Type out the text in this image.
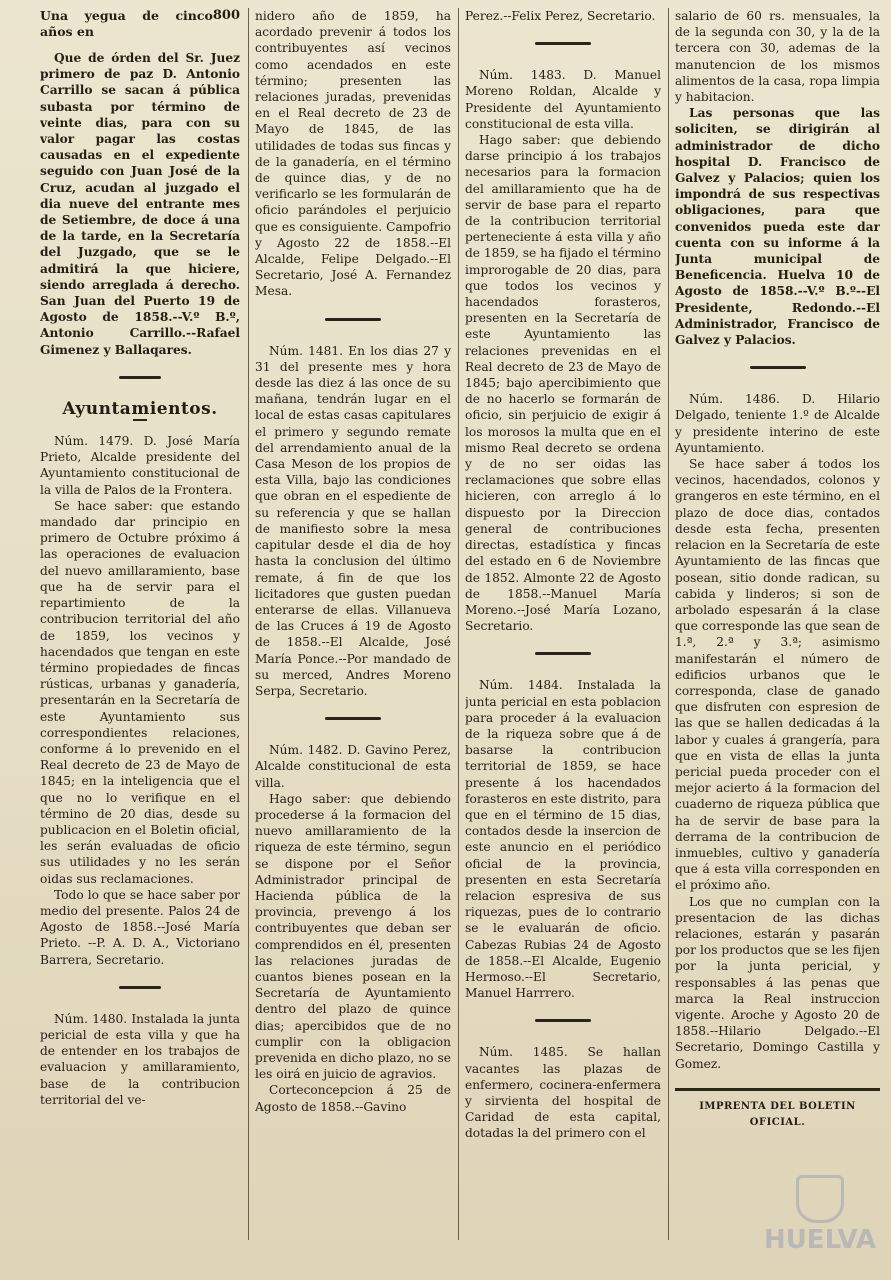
800
Una yegua de cinco años en

Que de órden del Sr. Juez primero de paz D. Antonio Carrillo se sacan á pública subasta por término de veinte dias, para con su valor pagar las costas causadas en el expediente seguido con Juan José de la Cruz, acudan al juzgado el dia nueve del entrante mes de Setiembre, de doce á una de la tarde, en la Secretaría del Juzgado, que se le admitirá la que hiciere, siendo arreglada á derecho. San Juan del Puerto 19 de Agosto de 1858.--V.º B.º, Antonio Carrillo.--Rafael Gimenez y Ballaqares.

Ayuntamientos.

Núm. 1479. D. José María Prieto, Alcalde presidente del Ayuntamiento constitucional de la villa de Palos de la Frontera.

Se hace saber: que estando mandado dar principio en primero de Octubre próximo á las operaciones de evaluacion del nuevo amillaramiento, base que ha de servir para el repartimiento de la contribucion territorial del año de 1859, los vecinos y hacendados que tengan en este término propiedades de fincas rústicas, urbanas y ganadería, presentarán en la Secretaría de este Ayuntamiento sus correspondientes relaciones, conforme á lo prevenido en el Real decreto de 23 de Mayo de 1845; en la inteligencia que el que no lo verifique en el término de 20 dias, desde su publicacion en el Boletin oficial, les serán evaluadas de oficio sus utilidades y no les serán oidas sus reclamaciones.

Todo lo que se hace saber por medio del presente. Palos 24 de Agosto de 1858.--José María Prieto. --P. A. D. A., Victoriano Barrera, Secretario.

Núm. 1480. Instalada la junta pericial de esta villa y que ha de entender en los trabajos de evaluacion y amillaramiento, base de la contribucion territorial del ve-

nidero año de 1859, ha acordado prevenir á todos los contribuyentes así vecinos como acendados en este término; presenten las relaciones juradas, prevenidas en el Real decreto de 23 de Mayo de 1845, de las utilidades de todas sus fincas y de la ganadería, en el término de quince dias, y de no verificarlo se les formularán de oficio parándoles el perjuicio que es consiguiente. Campofrio y Agosto 22 de 1858.--El Alcalde, Felipe Delgado.--El Secretario, José A. Fernandez Mesa.

Núm. 1481. En los dias 27 y 31 del presente mes y hora desde las diez á las once de su mañana, tendrán lugar en el local de estas casas capitulares el primero y segundo remate del arrendamiento anual de la Casa Meson de los propios de esta Villa, bajo las condiciones que obran en el espediente de su referencia y que se hallan de manifiesto sobre la mesa capitular desde el dia de hoy hasta la conclusion del último remate, á fin de que los licitadores que gusten puedan enterarse de ellas. Villanueva de las Cruces á 19 de Agosto de 1858.--El Alcalde, José María Ponce.--Por mandado de su merced, Andres Moreno Serpa, Secretario.

Núm. 1482. D. Gavino Perez, Alcalde constitucional de esta villa.

Hago saber: que debiendo procederse á la formacion del nuevo amillaramiento de la riqueza de este término, segun se dispone por el Señor Administrador principal de Hacienda pública de la provincia, prevengo á los contribuyentes que deban ser comprendidos en él, presenten las relaciones juradas de cuantos bienes posean en la Secretaría de Ayuntamiento dentro del plazo de quince dias; apercibidos que de no cumplir con la obligacion prevenida en dicho plazo, no se les oirá en juicio de agravios.

Corteconcepcion á 25 de Agosto de 1858.--Gavino

Perez.--Felix Perez, Secretario.

Núm. 1483. D. Manuel Moreno Roldan, Alcalde y Presidente del Ayuntamiento constitucional de esta villa.

Hago saber: que debiendo darse principio á los trabajos necesarios para la formacion del amillaramiento que ha de servir de base para el reparto de la contribucion territorial perteneciente á esta villa y año de 1859, se ha fijado el término improrogable de 20 dias, para que todos los vecinos y hacendados forasteros, presenten en la Secretaría de este Ayuntamiento las relaciones prevenidas en el Real decreto de 23 de Mayo de 1845; bajo apercibimiento que de no hacerlo se formarán de oficio, sin perjuicio de exigir á los morosos la multa que en el mismo Real decreto se ordena y de no ser oidas las reclamaciones que sobre ellas hicieren, con arreglo á lo dispuesto por la Direccion general de contribuciones directas, estadística y fincas del estado en 6 de Noviembre de 1852. Almonte 22 de Agosto de 1858.--Manuel María Moreno.--José María Lozano, Secretario.

Núm. 1484. Instalada la junta pericial en esta poblacion para proceder á la evaluacion de la riqueza sobre que á de basarse la contribucion territorial de 1859, se hace presente á los hacendados forasteros en este distrito, para que en el término de 15 dias, contados desde la insercion de este anuncio en el periódico oficial de la provincia, presenten en esta Secretaría relacion espresiva de sus riquezas, pues de lo contrario se le evaluarán de oficio. Cabezas Rubias 24 de Agosto de 1858.--El Alcalde, Eugenio Hermoso.--El Secretario, Manuel Harrrero.

Núm. 1485. Se hallan vacantes las plazas de enfermero, cocinera-enfermera y sirvienta del hospital de Caridad de esta capital, dotadas la del primero con el

salario de 60 rs. mensuales, la de la segunda con 30, y la de la tercera con 30, ademas de la manutencion de los mismos alimentos de la casa, ropa limpia y habitacion.

Las personas que las soliciten, se dirigirán al administrador de dicho hospital D. Francisco de Galvez y Palacios; quien los impondrá de sus respectivas obligaciones, para que convenidos pueda este dar cuenta con su informe á la Junta municipal de Beneficencia. Huelva 10 de Agosto de 1858.--V.º B.º--El Presidente, Redondo.--El Administrador, Francisco de Galvez y Palacios.

Núm. 1486. D. Hilario Delgado, teniente 1.º de Alcalde y presidente interino de este Ayuntamiento.

Se hace saber á todos los vecinos, hacendados, colonos y grangeros en este término, en el plazo de doce dias, contados desde esta fecha, presenten relacion en la Secretaría de este Ayuntamiento de las fincas que posean, sitio donde radican, su cabida y linderos; si son de arbolado espesarán á la clase que corresponde las que sean de 1.ª, 2.ª y 3.ª; asimismo manifestarán el número de edificios urbanos que le corresponda, clase de ganado que disfruten con espresion de las que se hallen dedicadas á la labor y cuales á grangería, para que en vista de ellas la junta pericial pueda proceder con el mejor acierto á la formacion del cuaderno de riqueza pública que ha de servir de base para la derrama de la contribucion de inmuebles, cultivo y ganadería que á esta villa corresponden en el próximo año.

Los que no cumplan con la presentacion de las dichas relaciones, estarán y pasarán por los productos que se les fijen por la junta pericial, y responsables á las penas que marca la Real instruccion vigente. Aroche y Agosto 20 de 1858.--Hilario Delgado.--El Secretario, Domingo Castilla y Gomez.

IMPRENTA DEL BOLETIN OFICIAL.
HUELVA
